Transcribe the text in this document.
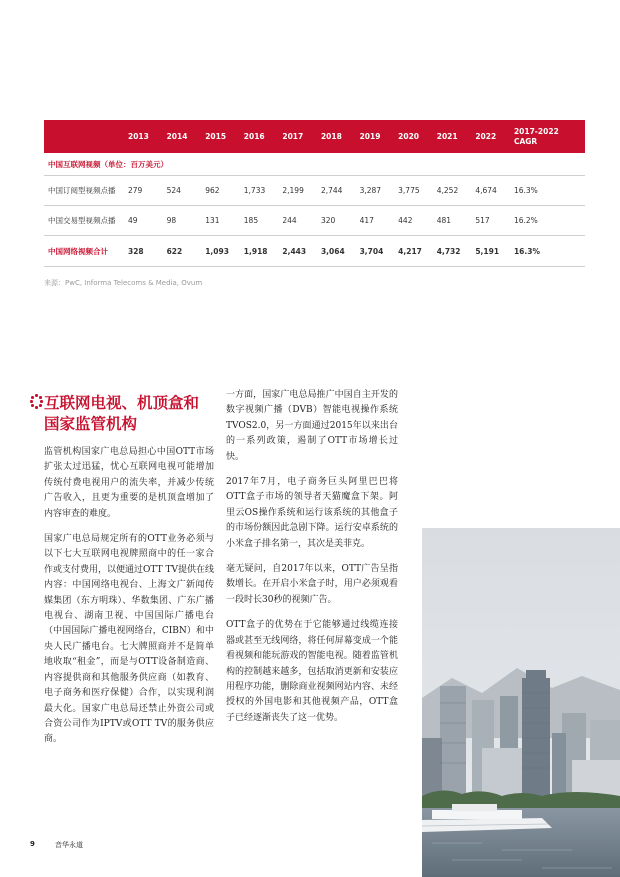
2013	2014	2015	2016	2017	2018	2019	2020	2021	2022
2017-2022
CAGR
中国互联网视频（单位：百万美元）
中国订阅型视频点播	279	524	962	1,733	2,199	2,744	3,287	3,775	4,252	4,674	16.3%
中国交易型视频点播	49	98	131	185	244	320	417	442	481	517	16.2%
中国网络视频合计	328	622	1,093	1,918	2,443	3,064	3,704	4,217	4,732	5,191	16.3%
来源：PwC, Informa Telecoms & Media, Ovum
互联网电视、机顶盒和
国家监管机构

监管机构国家广电总局担心中国OTT市场扩张太过迅猛，忧心互联网电视可能增加传统付费电视用户的流失率，并减少传统广告收入，且更为重要的是机顶盒增加了内容审查的难度。

国家广电总局规定所有的OTT业务必须与以下七大互联网电视牌照商中的任一家合作或支付费用，以便通过OTT TV提供在线内容：中国网络电视台、上海文广新闻传媒集团（东方明珠）、华数集团、广东广播电视台、湖南卫视、中国国际广播电台（中国国际广播电视网络台，CIBN）和中央人民广播电台。七大牌照商并不是简单地收取“租金”，而是与OTT设备制造商、内容提供商和其他服务供应商（如教育、电子商务和医疗保健）合作，以实现利润最大化。国家广电总局还禁止外资公司或合资公司作为IPTV或OTT TV的服务供应商。

一方面，国家广电总局推广中国自主开发的数字视频广播（DVB）智能电视操作系统TVOS2.0，另一方面通过2015年以来出台的一系列政策，遏制了OTT市场增长过快。

2017年7月，电子商务巨头阿里巴巴将OTT盒子市场的领导者天猫魔盒下架。阿里云OS操作系统和运行该系统的其他盒子的市场份额因此急剧下降。运行安卓系统的小米盒子排名第一，其次是美菲克。

毫无疑问，自2017年以来，OTT广告呈指数增长。在开启小米盒子时，用户必须观看一段时长30秒的视频广告。

OTT盒子的优势在于它能够通过线缆连接器或甚至无线网络，将任何屏幕变成一个能看视频和能玩游戏的智能电视。随着监管机构的控制越来越多，包括取消更新和安装应用程序功能，删除商业视频网站内容、未经授权的外国电影和其他视频产品，OTT盒子已经逐渐丧失了这一优势。

9	音华永道
